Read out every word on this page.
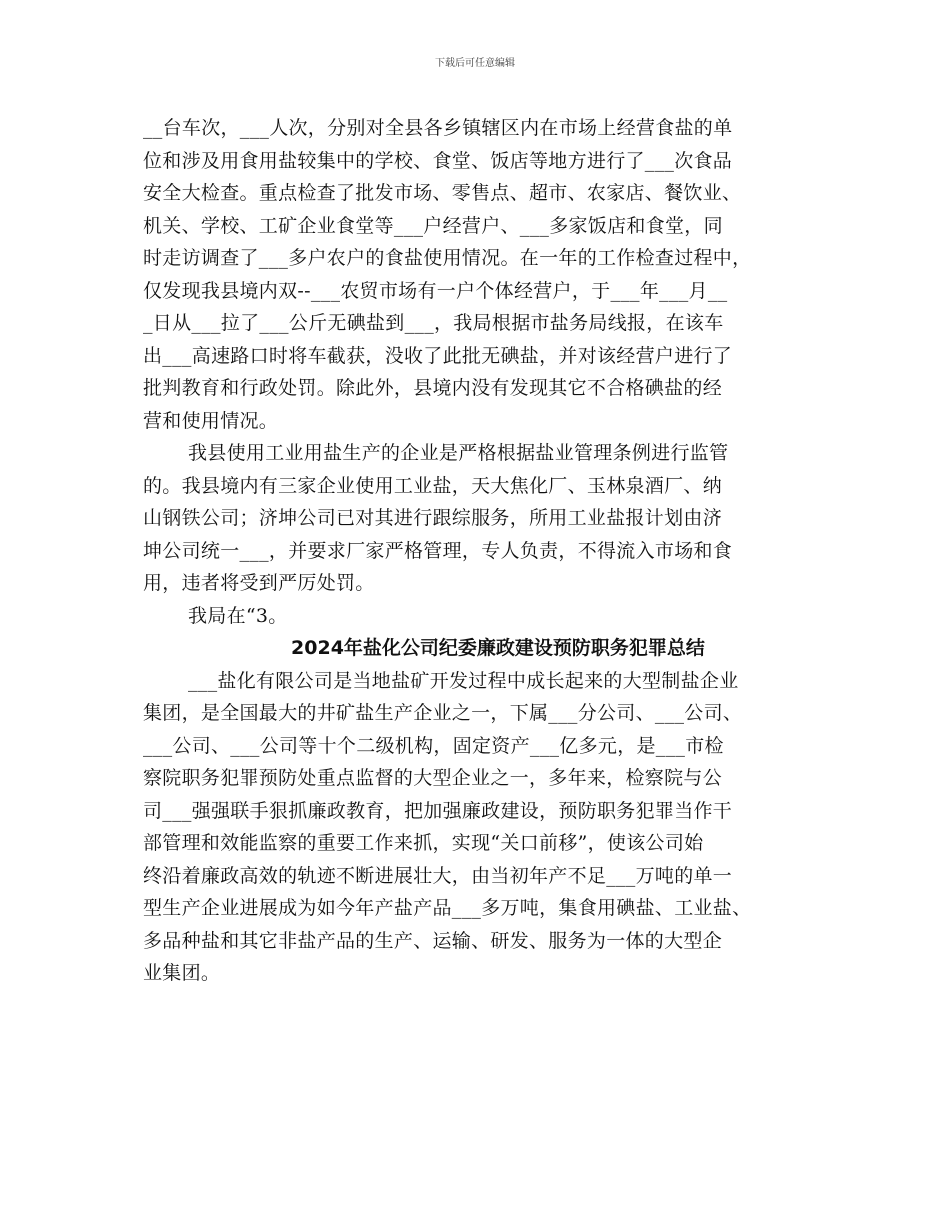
下载后可任意编辑
__台车次，___人次，分别对全县各乡镇辖区内在市场上经营食盐的单
位和涉及用食用盐较集中的学校、食堂、饭店等地方进行了___次食品
安全大检查。重点检查了批发市场、零售点、超市、农家店、餐饮业、
机关、学校、工矿企业食堂等___户经营户、___多家饭店和食堂，同
时走访调查了___多户农户的食盐使用情况。在一年的工作检查过程中，
仅发现我县境内双--___农贸市场有一户个体经营户，于___年___月__
_日从___拉了___公斤无碘盐到___，我局根据市盐务局线报，在该车
出___高速路口时将车截获，没收了此批无碘盐，并对该经营户进行了
批判教育和行政处罚。除此外，县境内没有发现其它不合格碘盐的经
营和使用情况。
我县使用工业用盐生产的企业是严格根据盐业管理条例进行监管
的。我县境内有三家企业使用工业盐，天大焦化厂、玉林泉酒厂、纳
山钢铁公司；济坤公司已对其进行跟综服务，所用工业盐报计划由济
坤公司统一___，并要求厂家严格管理，专人负责，不得流入市场和食
用，违者将受到严厉处罚。
我局在“3。
2024年盐化公司纪委廉政建设预防职务犯罪总结
___盐化有限公司是当地盐矿开发过程中成长起来的大型制盐企业
集团，是全国最大的井矿盐生产企业之一，下属___分公司、___公司、
___公司、___公司等十个二级机构，固定资产___亿多元，是___市检
察院职务犯罪预防处重点监督的大型企业之一，多年来，检察院与公
司___强强联手狠抓廉政教育，把加强廉政建设，预防职务犯罪当作干
部管理和效能监察的重要工作来抓，实现“关口前移”，使该公司始
终沿着廉政高效的轨迹不断进展壮大，由当初年产不足___万吨的单一
型生产企业进展成为如今年产盐产品___多万吨，集食用碘盐、工业盐、
多品种盐和其它非盐产品的生产、运输、研发、服务为一体的大型企
业集团。
